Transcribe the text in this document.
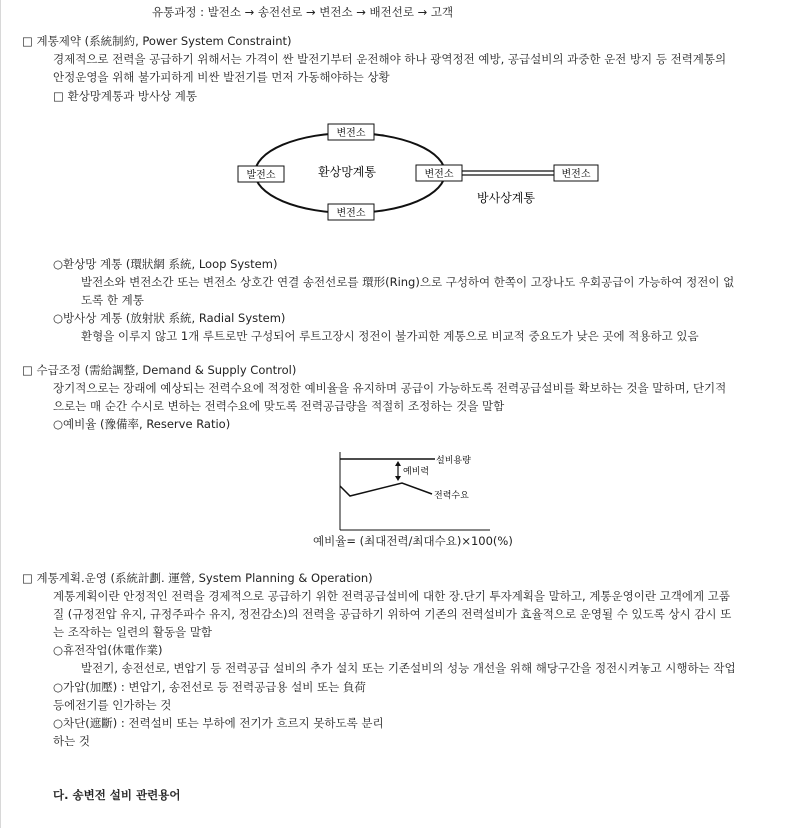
유통과정 : 발전소 → 송전선로 → 변전소 → 배전선로 → 고객
□ 계통제약 (系統制約, Power System Constraint)
경제적으로 전력을 공급하기 위해서는 가격이 싼 발전기부터 운전해야 하나 광역정전 예방, 공급설비의 과중한 운전 방지 등 전력계통의
안정운영을 위해 불가피하게 비싼 발전기를 먼저 가동해야하는 상황
□ 환상망계통과 방사상 계통
변전소
발전소	변전소
변전소
변전소
환상망계통
방사상계통
○환상망 계통 (環狀網 系統, Loop System)
발전소와 변전소간 또는 변전소 상호간 연결 송전선로를 環形(Ring)으로 구성하여 한쪽이 고장나도 우회공급이 가능하여 정전이 없
도록 한 계통
○방사상 계통 (放射狀 系統, Radial System)
환형을 이루지 않고 1개 루트로만 구성되어 루트고장시 정전이 불가피한 계통으로 비교적 중요도가 낮은 곳에 적용하고 있음
□ 수급조정 (需給調整, Demand & Supply Control)
장기적으로는 장래에 예상되는 전력수요에 적정한 예비율을 유지하며 공급이 가능하도록 전력공급설비를 확보하는 것을 말하며, 단기적
으로는 매 순간 수시로 변하는 전력수요에 맞도록 전력공급량을 적절히 조정하는 것을 말함
○예비율 (豫備率, Reserve Ratio)
설비용량
예비력
전력수요
예비율= (최대전력/최대수요)×100(%)
□ 계통계획.운영 (系統計劃. 運營, System Planning & Operation)
계통계획이란 안정적인 전력을 경제적으로 공급하기 위한 전력공급설비에 대한 장.단기 투자계획을 말하고, 계통운영이란 고객에게 고품
질 (규정전압 유지, 규정주파수 유지, 정전감소)의 전력을 공급하기 위하여 기존의 전력설비가 효율적으로 운영될 수 있도록 상시 감시 또
는 조작하는 일련의 활동을 말함
○휴전작업(休電作業)
발전기, 송전선로, 변압기 등 전력공급 설비의 추가 설치 또는 기존설비의 성능 개선을 위해 해당구간을 정전시켜놓고 시행하는 작업
○가압(加壓) : 변압기, 송전선로 등 전력공급용 설비 또는 負荷
등에전기를 인가하는 것
○차단(遮斷) : 전력설비 또는 부하에 전기가 흐르지 못하도록 분리
하는 것
다. 송변전 설비 관련용어
